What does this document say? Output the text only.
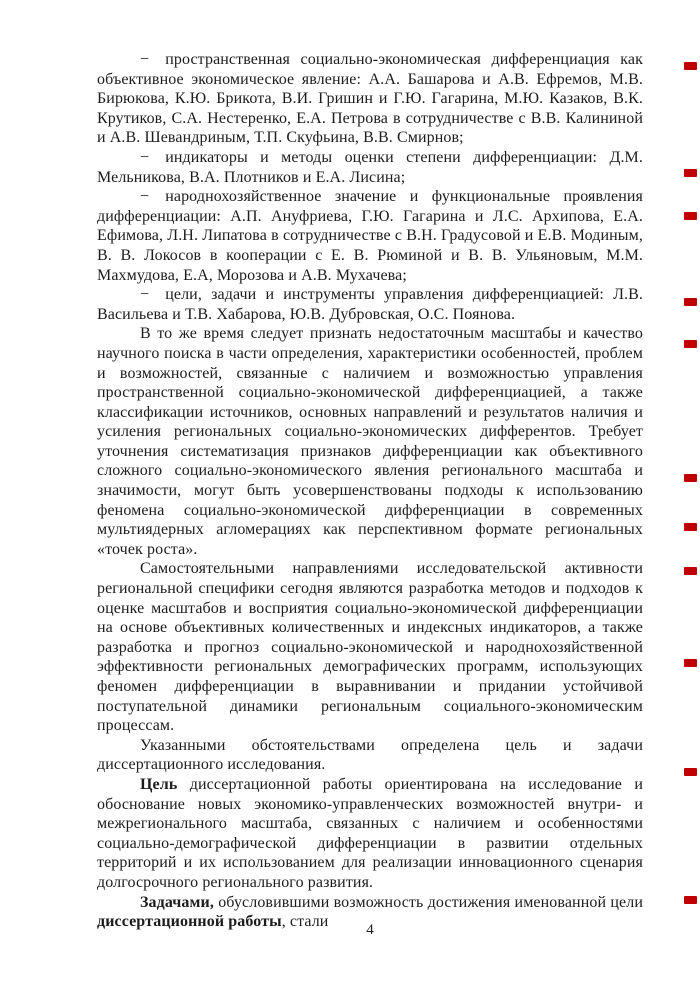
− пространственная социально-экономическая дифференциация как объективное экономическое явление: А.А. Башарова и А.В. Ефремов, М.В. Бирюкова, К.Ю. Брикота, В.И. Гришин и Г.Ю. Гагарина, М.Ю. Казаков, В.К. Крутиков, С.А. Нестеренко, Е.А. Петрова в сотрудничестве с В.В. Калининой и А.В. Шевандриным, Т.П. Скуфьина, В.В. Смирнов;

− индикаторы и методы оценки степени дифференциации: Д.М. Мельникова, В.А. Плотников и Е.А. Лисина;

− народнохозяйственное значение и функциональные проявления дифференциации: А.П. Ануфриева, Г.Ю. Гагарина и Л.С. Архипова, Е.А. Ефимова, Л.Н. Липатова в сотрудничестве с В.Н. Градусовой и Е.В. Модиным, В. В. Локосов в кооперации с Е. В. Рюминой и В. В. Ульяновым, М.М. Махмудова, Е.А, Морозова и А.В. Мухачева;

− цели, задачи и инструменты управления дифференциацией: Л.В. Васильева и Т.В. Хабарова, Ю.В. Дубровская, О.С. Поянова.

В то же время следует признать недостаточным масштабы и качество научного поиска в части определения, характеристики особенностей, проблем и возможностей, связанные с наличием и возможностью управления пространственной социально-экономической дифференциацией, а также классификации источников, основных направлений и результатов наличия и усиления региональных социально-экономических дифферентов. Требует уточнения систематизация признаков дифференциации как объективного сложного социально-экономического явления регионального масштаба и значимости, могут быть усовершенствованы подходы к использованию феномена социально-экономической дифференциации в современных мультиядерных агломерациях как перспективном формате региональных «точек роста».

Самостоятельными направлениями исследовательской активности региональной специфики сегодня являются разработка методов и подходов к оценке масштабов и восприятия социально-экономической дифференциации на основе объективных количественных и индексных индикаторов, а также разработка и прогноз социально-экономической и народнохозяйственной эффективности региональных демографических программ, использующих феномен дифференциации в выравнивании и придании устойчивой поступательной динамики региональным социального-экономическим процессам.

Указанными обстоятельствами определена цель и задачи диссертационного исследования.

Цель диссертационной работы ориентирована на исследование и обоснование новых экономико-управленческих возможностей внутри- и межрегионального масштаба, связанных с наличием и особенностями социально-демографической дифференциации в развитии отдельных территорий и их использованием для реализации инновационного сценария долгосрочного регионального развития.

Задачами, обусловившими возможность достижения именованной цели диссертационной работы, стали	4
